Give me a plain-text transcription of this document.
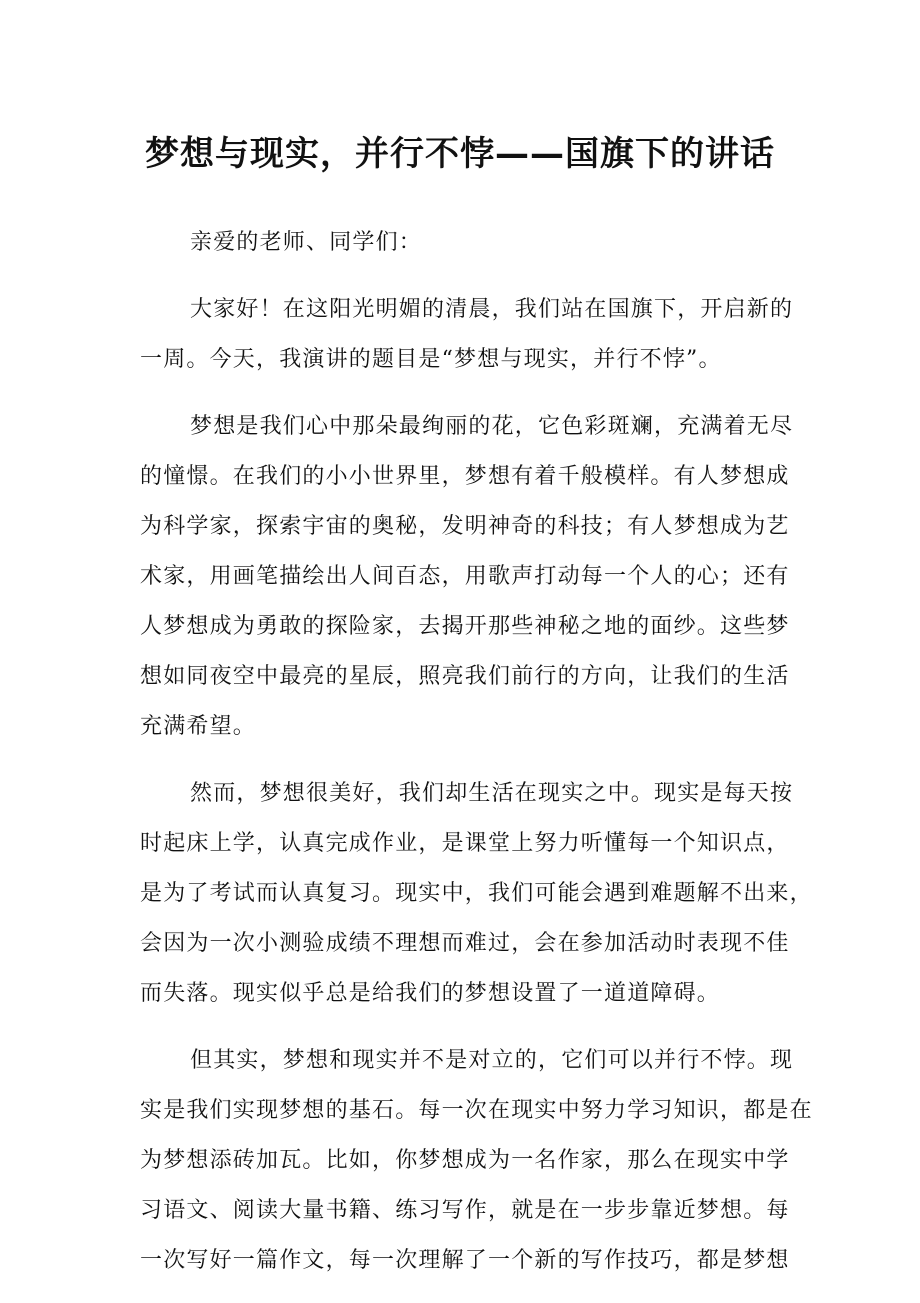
梦想与现实，并行不悖——国旗下的讲话
亲爱的老师、同学们：
大家好！在这阳光明媚的清晨，我们站在国旗下，开启新的
一周。今天，我演讲的题目是“梦想与现实，并行不悖”。
梦想是我们心中那朵最绚丽的花，它色彩斑斓，充满着无尽
的憧憬。在我们的小小世界里，梦想有着千般模样。有人梦想成
为科学家，探索宇宙的奥秘，发明神奇的科技；有人梦想成为艺
术家，用画笔描绘出人间百态，用歌声打动每一个人的心；还有
人梦想成为勇敢的探险家，去揭开那些神秘之地的面纱。这些梦
想如同夜空中最亮的星辰，照亮我们前行的方向，让我们的生活
充满希望。
然而，梦想很美好，我们却生活在现实之中。现实是每天按
时起床上学，认真完成作业，是课堂上努力听懂每一个知识点，
是为了考试而认真复习。现实中，我们可能会遇到难题解不出来，
会因为一次小测验成绩不理想而难过，会在参加活动时表现不佳
而失落。现实似乎总是给我们的梦想设置了一道道障碍。
但其实，梦想和现实并不是对立的，它们可以并行不悖。现
实是我们实现梦想的基石。每一次在现实中努力学习知识，都是在
为梦想添砖加瓦。比如，你梦想成为一名作家，那么在现实中学
习语文、阅读大量书籍、练习写作，就是在一步步靠近梦想。每
一次写好一篇作文，每一次理解了一个新的写作技巧，都是梦想
